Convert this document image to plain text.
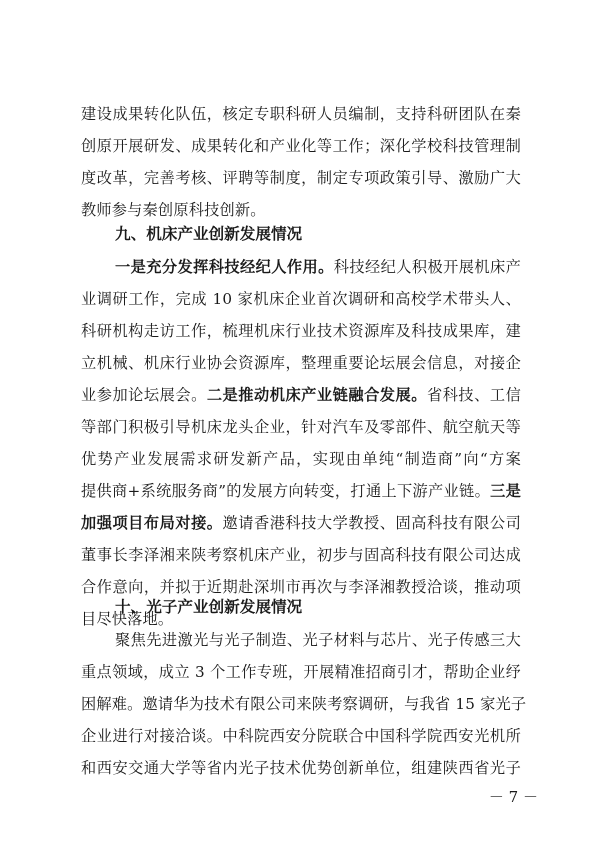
建设成果转化队伍，核定专职科研人员编制，支持科研团队在秦
创原开展研发、成果转化和产业化等工作；深化学校科技管理制
度改革，完善考核、评聘等制度，制定专项政策引导、激励广大
教师参与秦创原科技创新。
九、机床产业创新发展情况
一是充分发挥科技经纪人作用。科技经纪人积极开展机床产
业调研工作，完成 10 家机床企业首次调研和高校学术带头人、
科研机构走访工作，梳理机床行业技术资源库及科技成果库，建
立机械、机床行业协会资源库，整理重要论坛展会信息，对接企
业参加论坛展会。二是推动机床产业链融合发展。省科技、工信
等部门积极引导机床龙头企业，针对汽车及零部件、航空航天等
优势产业发展需求研发新产品，实现由单纯“制造商”向“方案
提供商+系统服务商”的发展方向转变，打通上下游产业链。三是
加强项目布局对接。邀请香港科技大学教授、固高科技有限公司
董事长李泽湘来陕考察机床产业，初步与固高科技有限公司达成
合作意向，并拟于近期赴深圳市再次与李泽湘教授洽谈，推动项
目尽快落地。
十、光子产业创新发展情况
聚焦先进激光与光子制造、光子材料与芯片、光子传感三大
重点领域，成立 3 个工作专班，开展精准招商引才，帮助企业纾
困解难。邀请华为技术有限公司来陕考察调研，与我省 15 家光子
企业进行对接洽谈。中科院西安分院联合中国科学院西安光机所
和西安交通大学等省内光子技术优势创新单位，组建陕西省光子
－ 7 －
